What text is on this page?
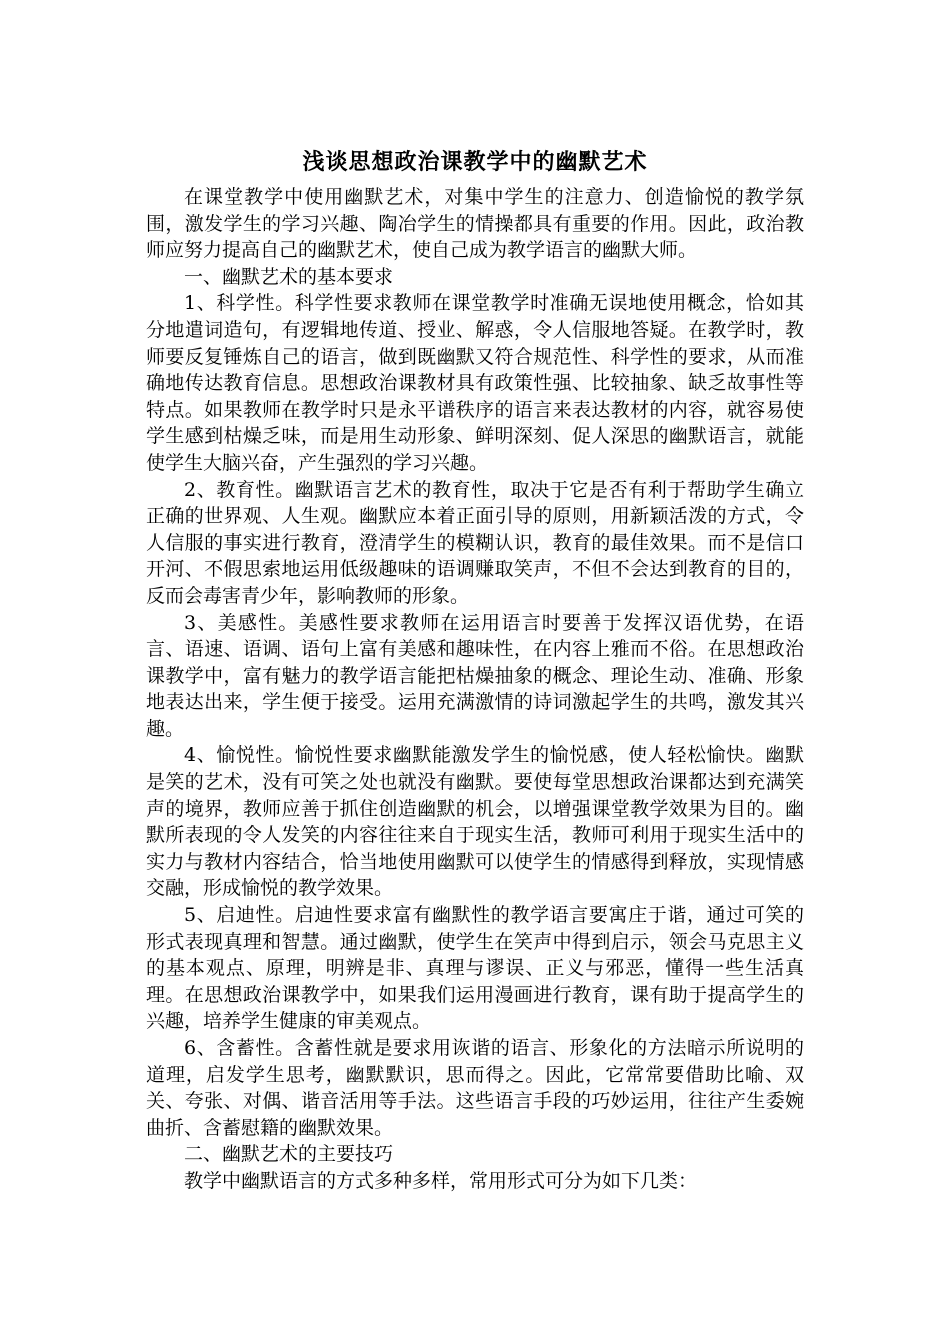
浅谈思想政治课教学中的幽默艺术

在课堂教学中使用幽默艺术，对集中学生的注意力、创造愉悦的教学氛围，激发学生的学习兴趣、陶冶学生的情操都具有重要的作用。因此，政治教师应努力提高自己的幽默艺术，使自己成为教学语言的幽默大师。

一、幽默艺术的基本要求

1、科学性。科学性要求教师在课堂教学时准确无误地使用概念，恰如其分地遣词造句，有逻辑地传道、授业、解惑，令人信服地答疑。在教学时，教师要反复锤炼自己的语言，做到既幽默又符合规范性、科学性的要求，从而准确地传达教育信息。思想政治课教材具有政策性强、比较抽象、缺乏故事性等特点。如果教师在教学时只是永平谱秩序的语言来表达教材的内容，就容易使学生感到枯燥乏味，而是用生动形象、鲜明深刻、促人深思的幽默语言，就能使学生大脑兴奋，产生强烈的学习兴趣。

2、教育性。幽默语言艺术的教育性，取决于它是否有利于帮助学生确立正确的世界观、人生观。幽默应本着正面引导的原则，用新颖活泼的方式，令人信服的事实进行教育，澄清学生的模糊认识，教育的最佳效果。而不是信口开河、不假思索地运用低级趣味的语调赚取笑声，不但不会达到教育的目的，反而会毒害青少年，影响教师的形象。

3、美感性。美感性要求教师在运用语言时要善于发挥汉语优势，在语言、语速、语调、语句上富有美感和趣味性，在内容上雅而不俗。在思想政治课教学中，富有魅力的教学语言能把枯燥抽象的概念、理论生动、准确、形象地表达出来，学生便于接受。运用充满激情的诗词激起学生的共鸣，激发其兴趣。

4、愉悦性。愉悦性要求幽默能激发学生的愉悦感，使人轻松愉快。幽默是笑的艺术，没有可笑之处也就没有幽默。要使每堂思想政治课都达到充满笑声的境界，教师应善于抓住创造幽默的机会，以增强课堂教学效果为目的。幽默所表现的令人发笑的内容往往来自于现实生活，教师可利用于现实生活中的实力与教材内容结合，恰当地使用幽默可以使学生的情感得到释放，实现情感交融，形成愉悦的教学效果。

5、启迪性。启迪性要求富有幽默性的教学语言要寓庄于谐，通过可笑的形式表现真理和智慧。通过幽默，使学生在笑声中得到启示，领会马克思主义的基本观点、原理，明辨是非、真理与谬误、正义与邪恶，懂得一些生活真理。在思想政治课教学中，如果我们运用漫画进行教育，课有助于提高学生的兴趣，培养学生健康的审美观点。

6、含蓄性。含蓄性就是要求用诙谐的语言、形象化的方法暗示所说明的道理，启发学生思考，幽默默识，思而得之。因此，它常常要借助比喻、双关、夸张、对偶、谐音活用等手法。这些语言手段的巧妙运用，往往产生委婉曲折、含蓄慰籍的幽默效果。

二、幽默艺术的主要技巧

教学中幽默语言的方式多种多样，常用形式可分为如下几类：
